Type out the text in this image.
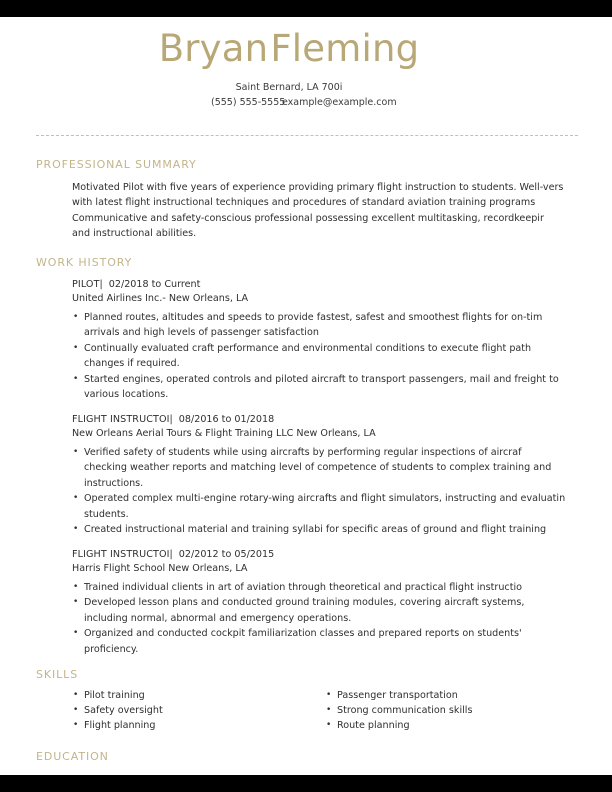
BryanFleming
Saint Bernard, LA 700i
(555) 555-5555
example@example.com
PROFESSIONAL SUMMARY
Motivated Pilot with five years of experience providing primary flight instruction to students. Well-vers
with latest flight instructional techniques and procedures of standard aviation training programs
Communicative and safety-conscious professional possessing excellent multitasking, recordkeepir
and instructional abilities.
WORK HISTORY
PILOT| 02/2018 to Current
United Airlines Inc.- New Orleans, LA
• Planned routes, altitudes and speeds to provide fastest, safest and smoothest flights for on-tim
arrivals and high levels of passenger satisfaction
• Continually evaluated craft performance and environmental conditions to execute flight path
changes if required.
• Started engines, operated controls and piloted aircraft to transport passengers, mail and freight to
various locations.
FLIGHT INSTRUCTOI| 08/2016 to 01/2018
New Orleans Aerial Tours & Flight Training LLC New Orleans, LA
• Verified safety of students while using aircrafts by performing regular inspections of aircraf
checking weather reports and matching level of competence of students to complex training and
instructions.
• Operated complex multi-engine rotary-wing aircrafts and flight simulators, instructing and evaluatin
students.
• Created instructional material and training syllabi for specific areas of ground and flight training
FLIGHT INSTRUCTOI| 02/2012 to 05/2015
Harris Flight School New Orleans, LA
• Trained individual clients in art of aviation through theoretical and practical flight instructio
• Developed lesson plans and conducted ground training modules, covering aircraft systems,
including normal, abnormal and emergency operations.
• Organized and conducted cockpit familiarization classes and prepared reports on students'
proficiency.
SKILLS
• Pilot training
• Safety oversight
• Flight planning
• Passenger transportation
• Strong communication skills
• Route planning
EDUCATION
